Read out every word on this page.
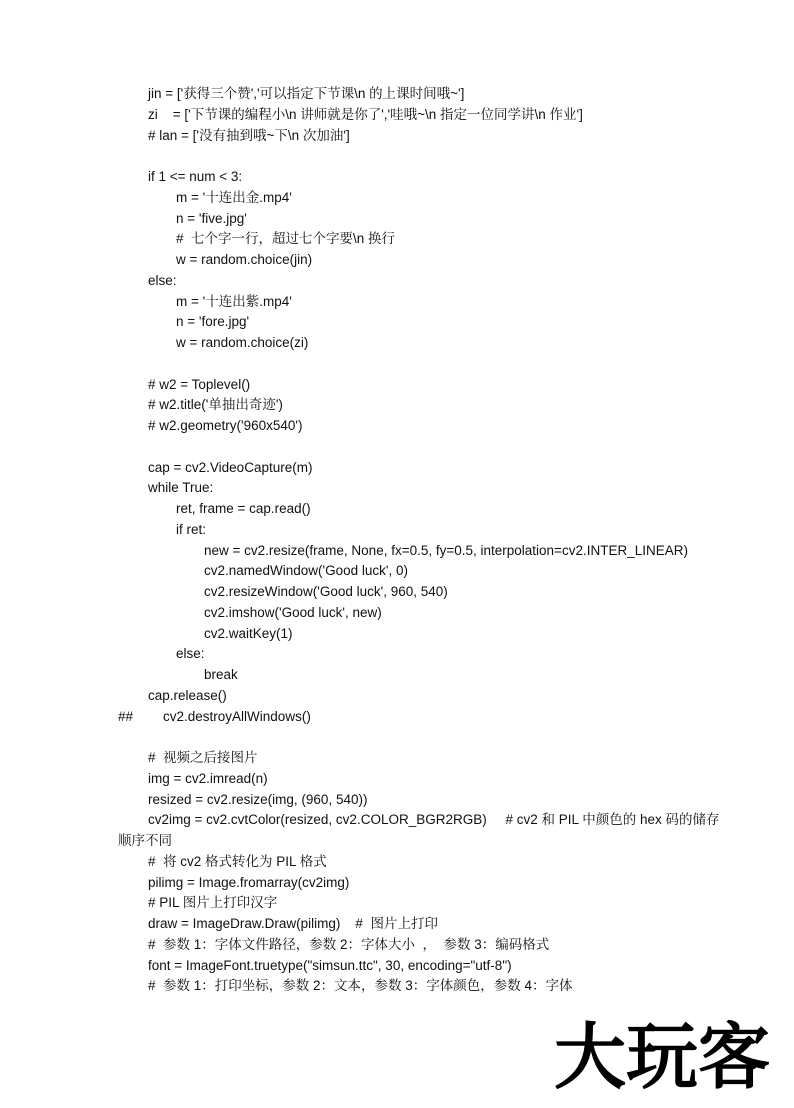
jin = ['获得三个赞','可以指定下节课\n 的上课时间哦~']
zi    = ['下节课的编程小\n 讲师就是你了','哇哦~\n 指定一位同学讲\n 作业']
# lan = ['没有抽到哦~下\n 次加油']
if 1 <= num < 3:
m = '十连出金.mp4'
n = 'five.jpg'
#  七个字一行，超过七个字要\n 换行
w = random.choice(jin)
else:
m = '十连出紫.mp4'
n = 'fore.jpg'
w = random.choice(zi)
# w2 = Toplevel()
# w2.title('单抽出奇迹')
# w2.geometry('960x540')
cap = cv2.VideoCapture(m)
while True:
ret, frame = cap.read()
if ret:
new = cv2.resize(frame, None, fx=0.5, fy=0.5, interpolation=cv2.INTER_LINEAR)
cv2.namedWindow('Good luck', 0)
cv2.resizeWindow('Good luck', 960, 540)
cv2.imshow('Good luck', new)
cv2.waitKey(1)
else:
break
cap.release()
##        cv2.destroyAllWindows()
#  视频之后接图片
img = cv2.imread(n)
resized = cv2.resize(img, (960, 540))
cv2img = cv2.cvtColor(resized, cv2.COLOR_BGR2RGB)     # cv2 和 PIL 中颜色的 hex 码的储存
顺序不同
#  将 cv2 格式转化为 PIL 格式
pilimg = Image.fromarray(cv2img)
# PIL 图片上打印汉字
draw = ImageDraw.Draw(pilimg)    #  图片上打印
#  参数 1：字体文件路径，参数 2：字体大小  ，  参数 3：编码格式
font = ImageFont.truetype("simsun.ttc", 30, encoding="utf-8")
#  参数 1：打印坐标，参数 2：文本，参数 3：字体颜色，参数 4：字体
大玩客
